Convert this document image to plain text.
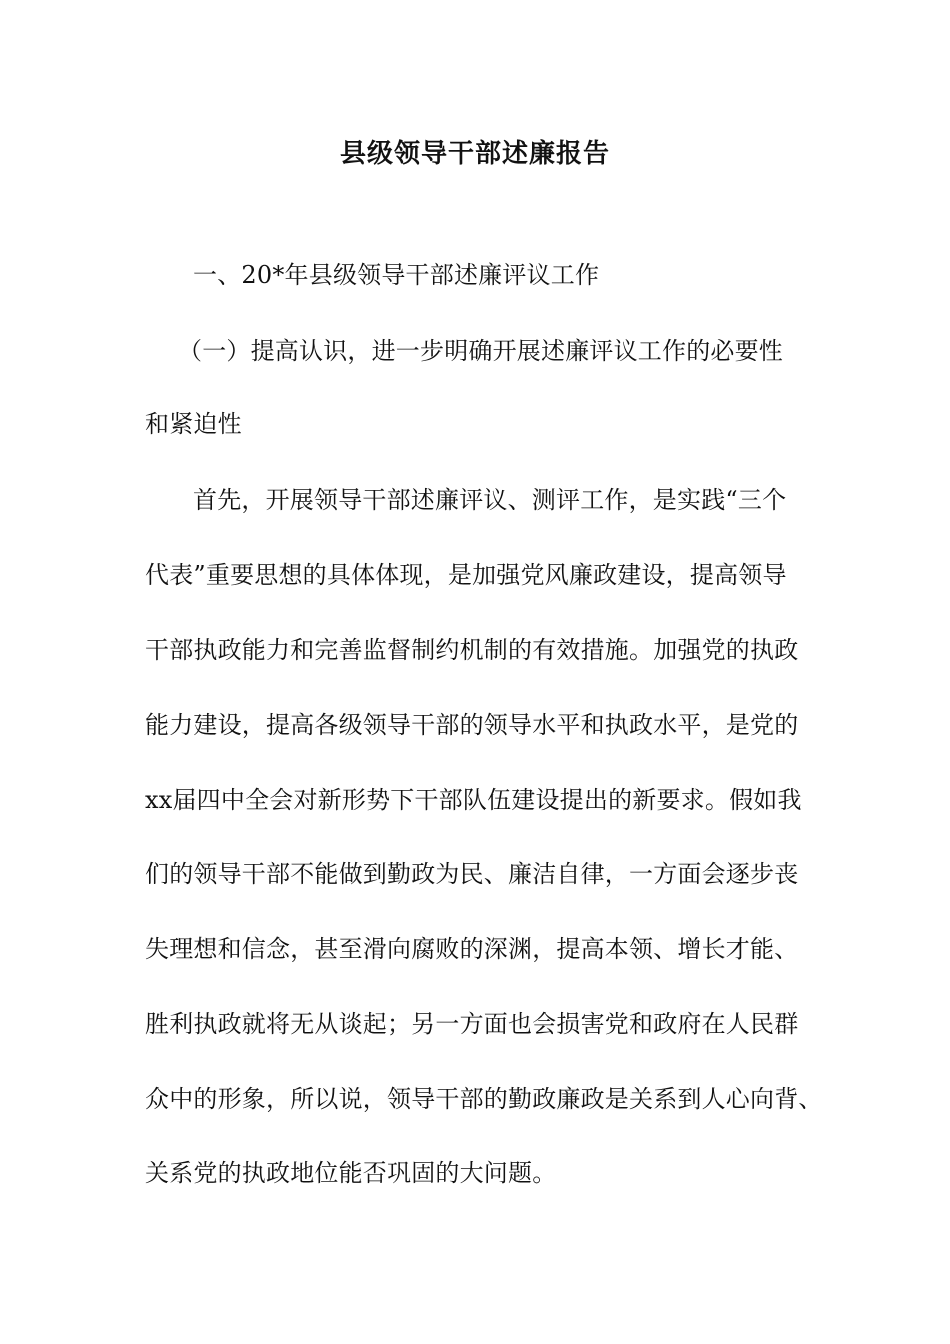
县级领导干部述廉报告
一、20*年县级领导干部述廉评议工作
（一）提高认识，进一步明确开展述廉评议工作的必要性
和紧迫性
首先，开展领导干部述廉评议、测评工作，是实践“三个
代表”重要思想的具体体现，是加强党风廉政建设，提高领导
干部执政能力和完善监督制约机制的有效措施。加强党的执政
能力建设，提高各级领导干部的领导水平和执政水平，是党的
xx届四中全会对新形势下干部队伍建设提出的新要求。假如我
们的领导干部不能做到勤政为民、廉洁自律，一方面会逐步丧
失理想和信念，甚至滑向腐败的深渊，提高本领、增长才能、
胜利执政就将无从谈起；另一方面也会损害党和政府在人民群
众中的形象，所以说，领导干部的勤政廉政是关系到人心向背、
关系党的执政地位能否巩固的大问题。
